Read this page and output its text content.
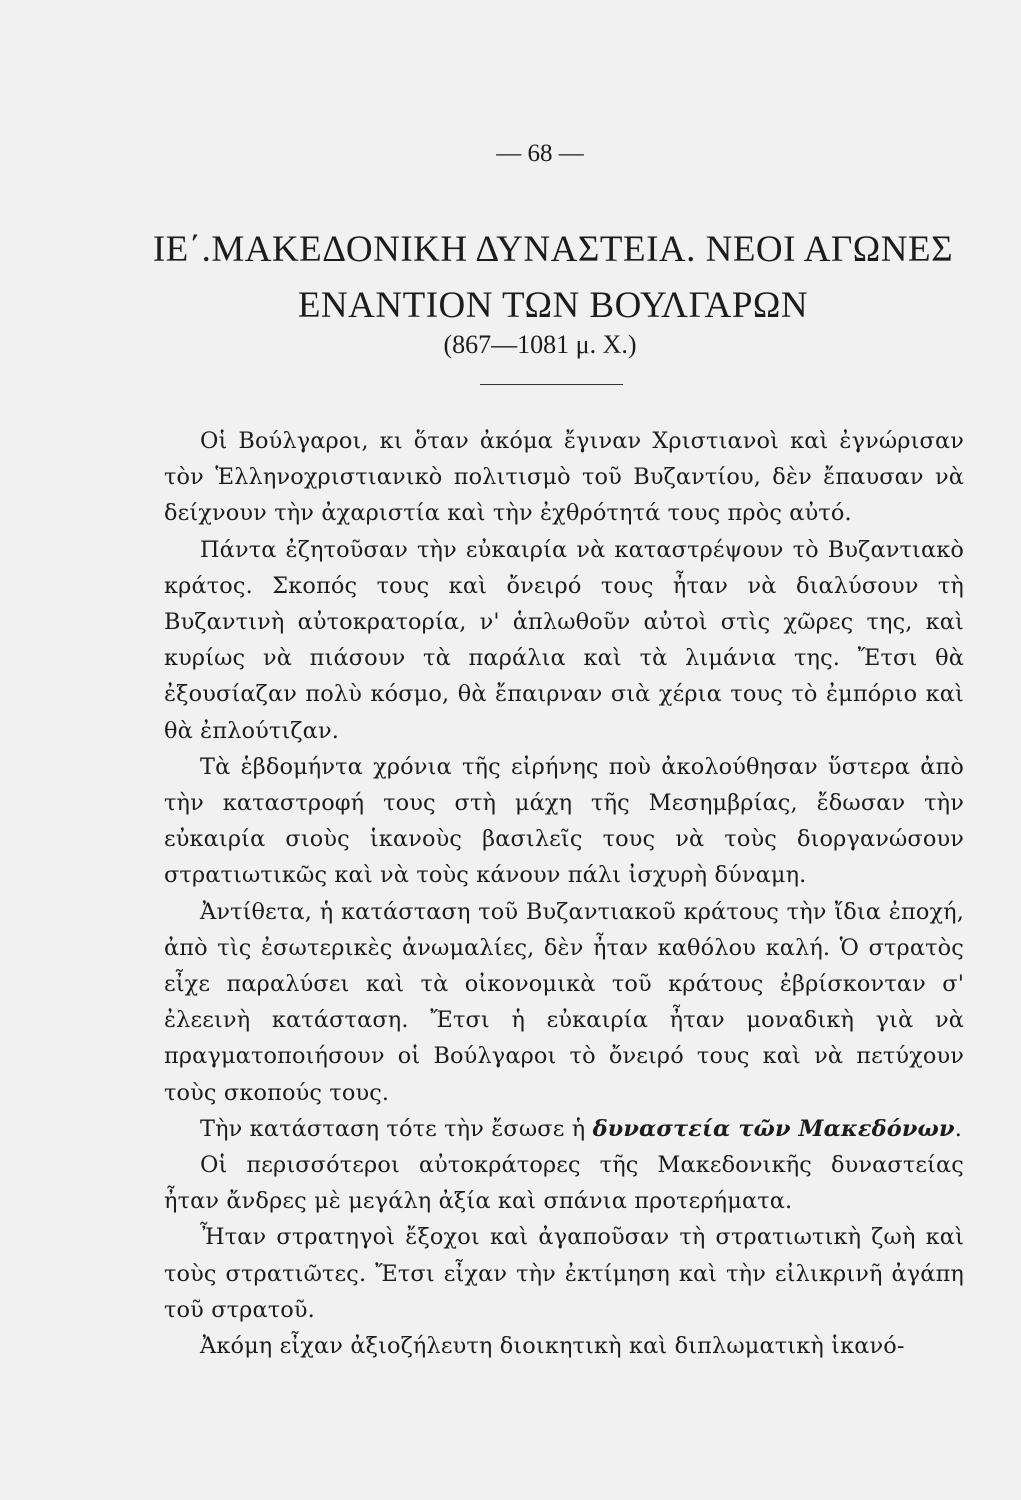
— 68 —
ΙΕ΄.ΜΑΚΕΔΟΝΙΚΗ ΔΥΝΑΣΤΕΙΑ. ΝΕΟΙ ΑΓΩΝΕΣ
ΕΝΑΝΤΙΟΝ ΤΩΝ ΒΟΥΛΓΑΡΩΝ
(867—1081 μ. Χ.)

Οἱ Βούλγαροι, κι ὅταν ἀκόμα ἔγιναν Χριστιανοὶ καὶ ἐγνώρισαν τὸν Ἑλληνοχριστιανικὸ πολιτισμὸ τοῦ Βυζαντίου, δὲν ἔπαυσαν νὰ δείχνουν τὴν ἀχαριστία καὶ τὴν ἐχθρότητά τους πρὸς αὐτό.

Πάντα ἐζητοῦσαν τὴν εὐκαιρία νὰ καταστρέψουν τὸ Βυζαντιακὸ κράτος. Σκοπός τους καὶ ὄνειρό τους ἦταν νὰ διαλύσουν τὴ Βυζαντινὴ αὐτοκρατορία, ν' ἁπλωθοῦν αὐτοὶ στὶς χῶρες της, καὶ κυρίως νὰ πιάσουν τὰ παράλια καὶ τὰ λιμάνια της. Ἔτσι θὰ ἐξουσίαζαν πολὺ κόσμο, θὰ ἔπαιρναν σιὰ χέρια τους τὸ ἐμπόριο καὶ θὰ ἐπλούτιζαν.

Τὰ ἑβδομήντα χρόνια τῆς εἰρήνης ποὺ ἀκολούθησαν ὕστερα ἀπὸ τὴν καταστροφή τους στὴ μάχη τῆς Μεσημβρίας, ἔδωσαν τὴν εὐκαιρία σιοὺς ἱκανοὺς βασιλεῖς τους νὰ τοὺς διοργανώσουν στρατιωτικῶς καὶ νὰ τοὺς κάνουν πάλι ἰσχυρὴ δύναμη.

Ἀντίθετα, ἡ κατάσταση τοῦ Βυζαντιακοῦ κράτους τὴν ἴδια ἐποχή, ἀπὸ τὶς ἐσωτερικὲς ἀνωμαλίες, δὲν ἦταν καθόλου καλή. Ὁ στρατὸς εἶχε παραλύσει καὶ τὰ οἰκονομικὰ τοῦ κράτους ἐβρίσκονταν σ' ἐλεεινὴ κατάσταση. Ἔτσι ἡ εὐκαιρία ἦταν μοναδικὴ γιὰ νὰ πραγματοποιήσουν οἱ Βούλγαροι τὸ ὄνειρό τους καὶ νὰ πετύχουν τοὺς σκοπούς τους.

Τὴν κατάσταση τότε τὴν ἔσωσε ἡ δυναστεία τῶν Μακεδόνων.

Οἱ περισσότεροι αὐτοκράτορες τῆς Μακεδονικῆς δυναστείας ἦταν ἄνδρες μὲ μεγάλη ἀξία καὶ σπάνια προτερήματα.

Ἦταν στρατηγοὶ ἔξοχοι καὶ ἀγαποῦσαν τὴ στρατιωτικὴ ζωὴ καὶ τοὺς στρατιῶτες. Ἔτσι εἶχαν τὴν ἐκτίμηση καὶ τὴν εἰλικρινῆ ἀγάπη τοῦ στρατοῦ.

Ἀκόμη εἶχαν ἀξιοζήλευτη διοικητικὴ καὶ διπλωματικὴ ἱκανό-
